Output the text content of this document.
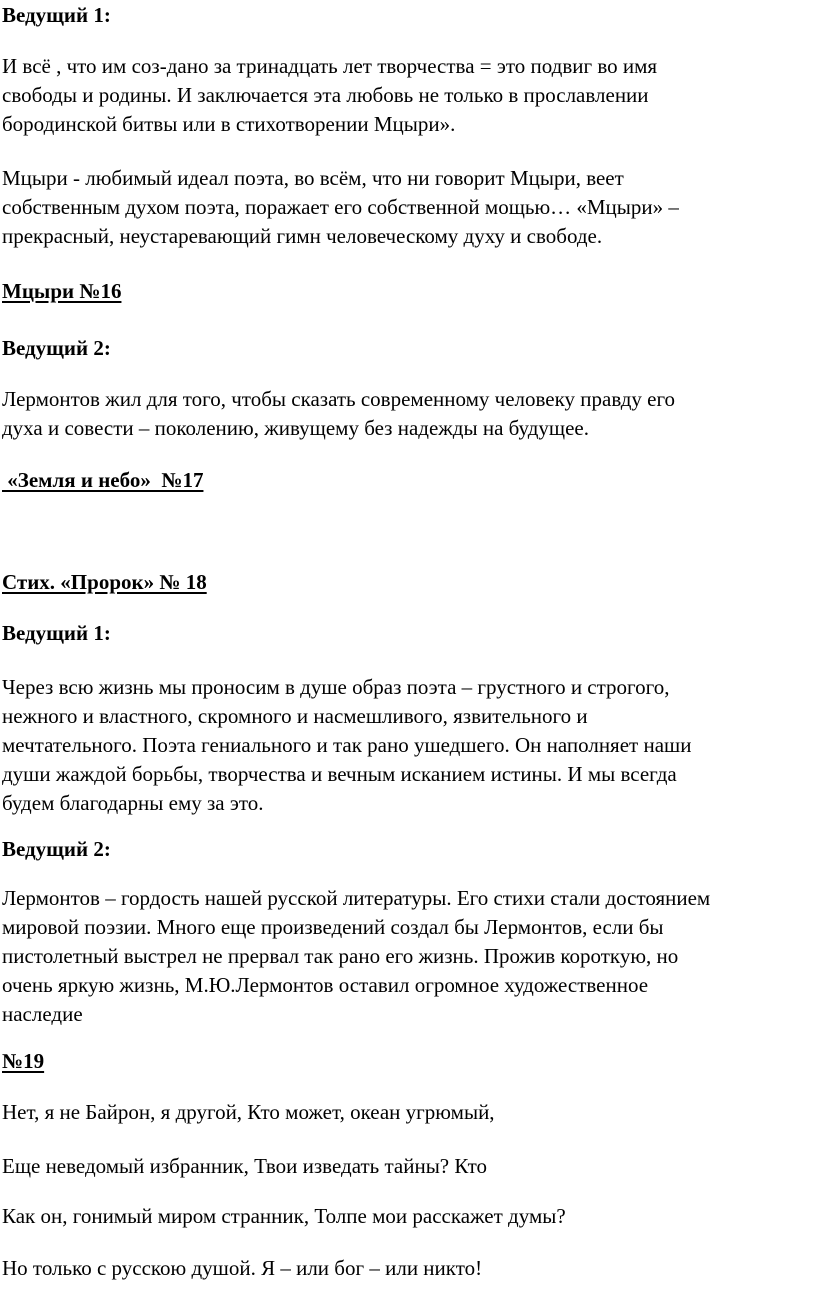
Ведущий 1:

И всё , что им соз-дано за тринадцать лет творчества = это подвиг во имя
свободы и родины. И заключается эта любовь не только в прославлении
бородинской битвы или в стихотворении Мцыри».
Мцыри - любимый идеал поэта, во всём, что ни говорит Мцыри, веет
собственным духом поэта, поражает его собственной мощью… «Мцыри» –
прекрасный, неустаревающий гимн человеческому духу и свободе.

Мцыри №16

Ведущий 2:

Лермонтов жил для того, чтобы сказать современному человеку правду его
духа и совести – поколению, живущему без надежды на будущее.

«Земля и небо»  №17

Стих. «Пророк» № 18

Ведущий 1:

Через всю жизнь мы проносим в душе образ поэта – грустного и строгого,
нежного и властного, скромного и насмешливого, язвительного и
мечтательного. Поэта гениального и так рано ушедшего. Он наполняет наши
души жаждой борьбы, творчества и вечным исканием истины. И мы всегда
будем благодарны ему за это.

Ведущий 2:

Лермонтов – гордость нашей русской литературы. Его стихи стали достоянием
мировой поэзии. Много еще произведений создал бы Лермонтов, если бы
пистолетный выстрел не прервал так рано его жизнь. Прожив короткую, но
очень яркую жизнь, М.Ю.Лермонтов оставил огромное художественное
наследие

№19

Нет, я не Байрон, я другой, Кто может, океан угрюмый,

Еще неведомый избранник, Твои изведать тайны? Кто

Как он, гонимый миром странник, Толпе мои расскажет думы?

Но только с русскою душой. Я – или бог – или никто!
